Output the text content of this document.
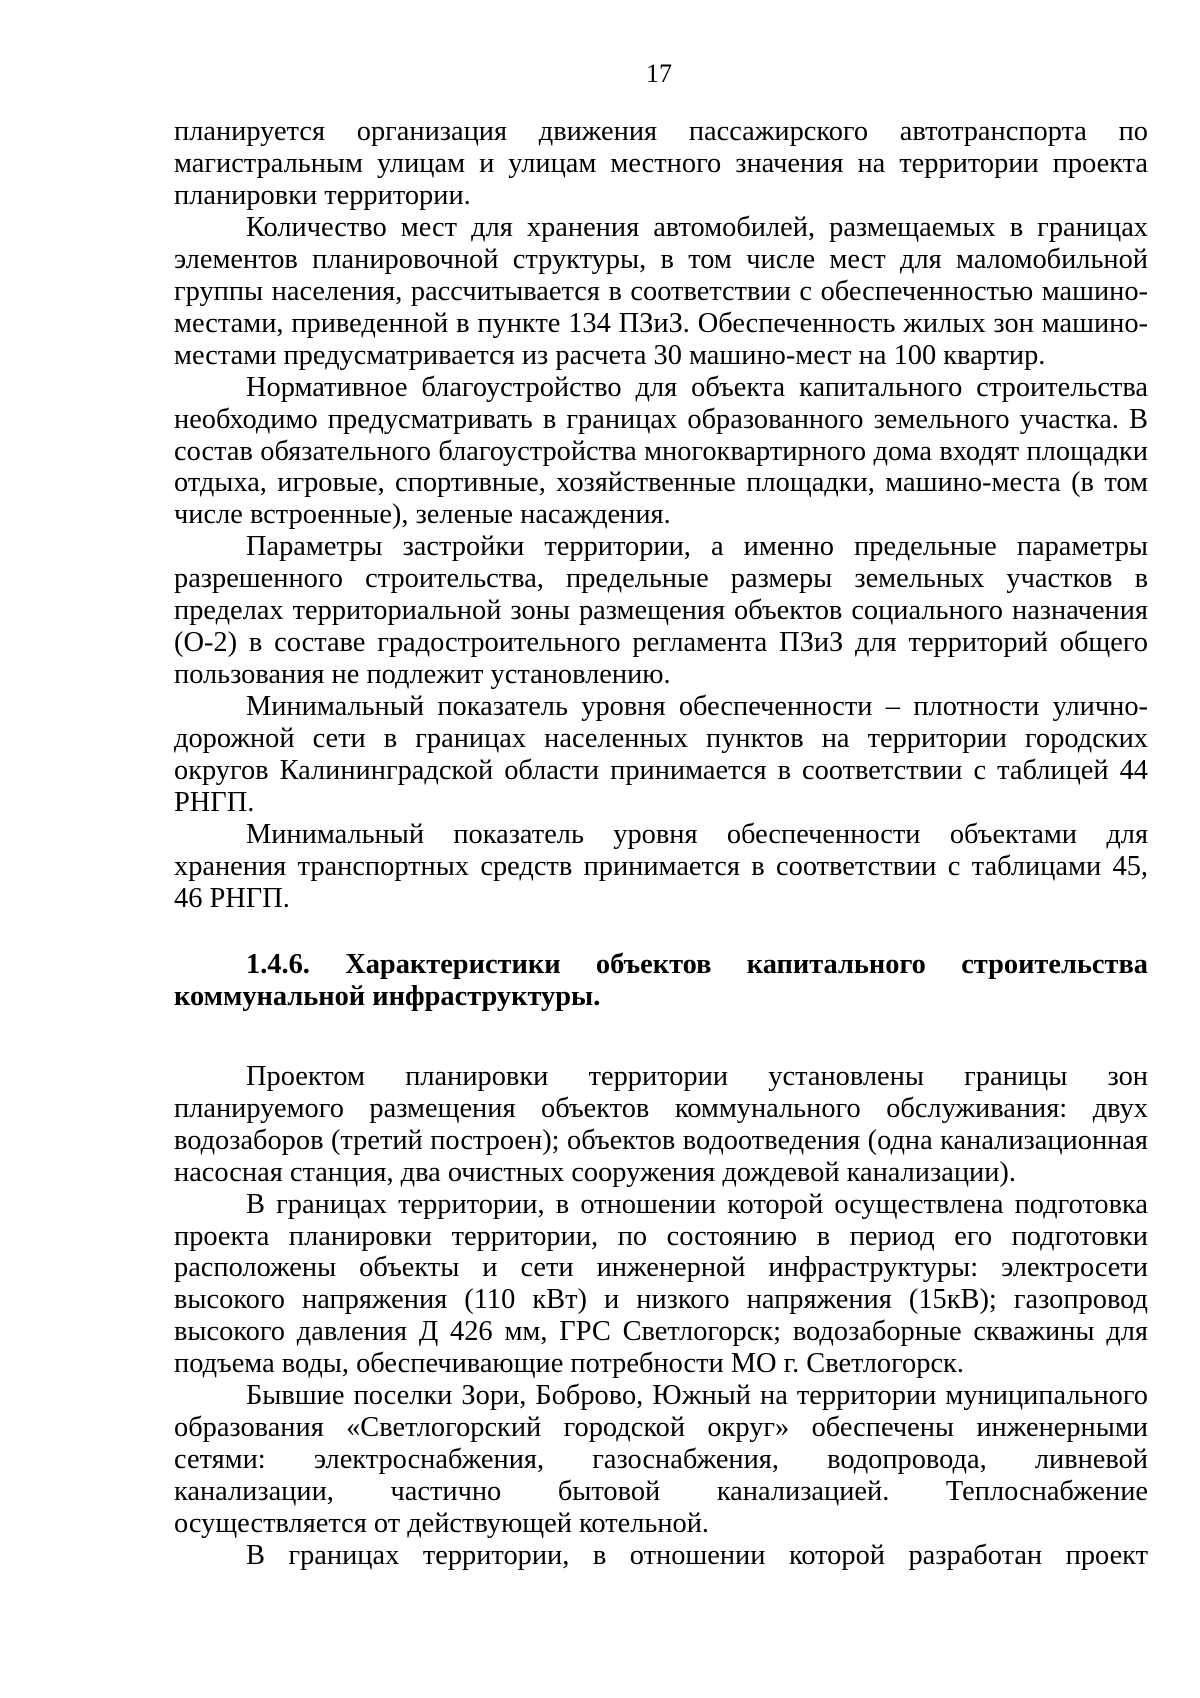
17

планируется организация движения пассажирского автотранспорта по магистральным улицам и улицам местного значения на территории проекта планировки территории.

Количество мест для хранения автомобилей, размещаемых в границах элементов планировочной структуры, в том числе мест для маломобильной группы населения, рассчитывается в соответствии с обеспеченностью машино-местами, приведенной в пункте 134 ПЗиЗ. Обеспеченность жилых зон машино-местами предусматривается из расчета 30 машино-мест на 100 квартир.

Нормативное благоустройство для объекта капитального строительства необходимо предусматривать в границах образованного земельного участка. В состав обязательного благоустройства многоквартирного дома входят площадки отдыха, игровые, спортивные, хозяйственные площадки, машино-места (в том числе встроенные), зеленые насаждения.

Параметры застройки территории, а именно предельные параметры разрешенного строительства, предельные размеры земельных участков в пределах территориальной зоны размещения объектов социального назначения (О-2) в составе градостроительного регламента ПЗиЗ для территорий общего пользования не подлежит установлению.

Минимальный показатель уровня обеспеченности – плотности улично-дорожной сети в границах населенных пунктов на территории городских округов Калининградской области принимается в соответствии с таблицей 44 РНГП.

Минимальный показатель уровня обеспеченности объектами для хранения транспортных средств принимается в соответствии с таблицами 45, 46 РНГП.

1.4.6. Характеристики объектов капитального строительства коммунальной инфраструктуры.

Проектом планировки территории установлены границы зон планируемого размещения объектов коммунального обслуживания: двух водозаборов (третий построен); объектов водоотведения (одна канализационная насосная станция, два очистных сооружения дождевой канализации).

В границах территории, в отношении которой осуществлена подготовка проекта планировки территории, по состоянию в период его подготовки расположены объекты и сети инженерной инфраструктуры: электросети высокого напряжения (110 кВт) и низкого напряжения (15кВ); газопровод высокого давления Д 426 мм, ГРС Светлогорск; водозаборные скважины для подъема воды, обеспечивающие потребности МО г. Светлогорск.

Бывшие поселки Зори, Боброво, Южный на территории муниципального образования «Светлогорский городской округ» обеспечены инженерными сетями: электроснабжения, газоснабжения, водопровода, ливневой канализации, частично бытовой канализацией. Теплоснабжение осуществляется от действующей котельной.

В границах территории, в отношении которой разработан проект
